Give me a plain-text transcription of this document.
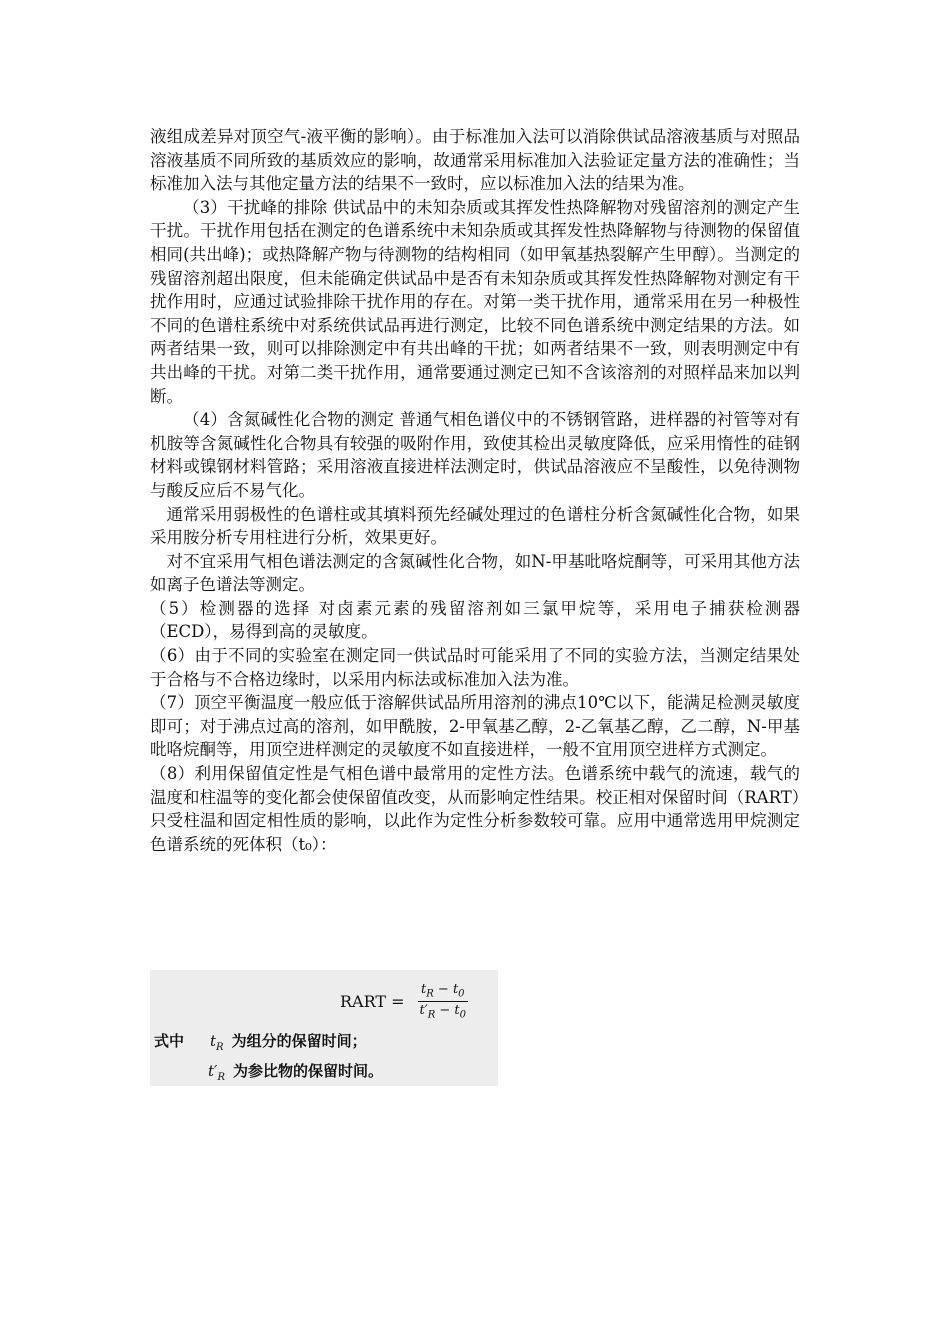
液组成差异对顶空气-液平衡的影响）。由于标准加入法可以消除供试品溶液基质与对照品溶液基质不同所致的基质效应的影响，故通常采用标准加入法验证定量方法的准确性；当标准加入法与其他定量方法的结果不一致时，应以标准加入法的结果为准。

（3）干扰峰的排除 供试品中的未知杂质或其挥发性热降解物对残留溶剂的测定产生干扰。干扰作用包括在测定的色谱系统中未知杂质或其挥发性热降解物与待测物的保留值相同(共出峰)；或热降解产物与待测物的结构相同（如甲氧基热裂解产生甲醇）。当测定的残留溶剂超出限度，但未能确定供试品中是否有未知杂质或其挥发性热降解物对测定有干扰作用时，应通过试验排除干扰作用的存在。对第一类干扰作用，通常采用在另一种极性不同的色谱柱系统中对系统供试品再进行测定，比较不同色谱系统中测定结果的方法。如两者结果一致，则可以排除测定中有共出峰的干扰；如两者结果不一致，则表明测定中有共出峰的干扰。对第二类干扰作用，通常要通过测定已知不含该溶剂的对照样品来加以判断。

（4）含氮碱性化合物的测定 普通气相色谱仪中的不锈钢管路，进样器的衬管等对有机胺等含氮碱性化合物具有较强的吸附作用，致使其检出灵敏度降低，应采用惰性的硅钢材料或镍钢材料管路；采用溶液直接进样法测定时，供试品溶液应不呈酸性，以免待测物与酸反应后不易气化。

通常采用弱极性的色谱柱或其填料预先经碱处理过的色谱柱分析含氮碱性化合物，如果采用胺分析专用柱进行分析，效果更好。

对不宜采用气相色谱法测定的含氮碱性化合物，如N-甲基吡咯烷酮等，可采用其他方法如离子色谱法等测定。

（5）检测器的选择 对卤素元素的残留溶剂如三氯甲烷等，采用电子捕获检测器（ECD），易得到高的灵敏度。

（6）由于不同的实验室在测定同一供试品时可能采用了不同的实验方法，当测定结果处于合格与不合格边缘时，以采用内标法或标准加入法为准。

（7）顶空平衡温度一般应低于溶解供试品所用溶剂的沸点10℃以下，能满足检测灵敏度即可；对于沸点过高的溶剂，如甲酰胺，2-甲氧基乙醇，2-乙氧基乙醇，乙二醇，N-甲基吡咯烷酮等，用顶空进样测定的灵敏度不如直接进样，一般不宜用顶空进样方式测定。

（8）利用保留值定性是气相色谱中最常用的定性方法。色谱系统中载气的流速，载气的温度和柱温等的变化都会使保留值改变，从而影响定性结果。校正相对保留时间（RART）只受柱温和固定相性质的影响，以此作为定性分析参数较可靠。应用中通常选用甲烷测定色谱系统的死体积（t₀）：

RART = $\frac{t_R - t_0}{t'_R - t_0}$
式中 $t_R$ 为组分的保留时间；
$t'_R$ 为参比物的保留时间。
